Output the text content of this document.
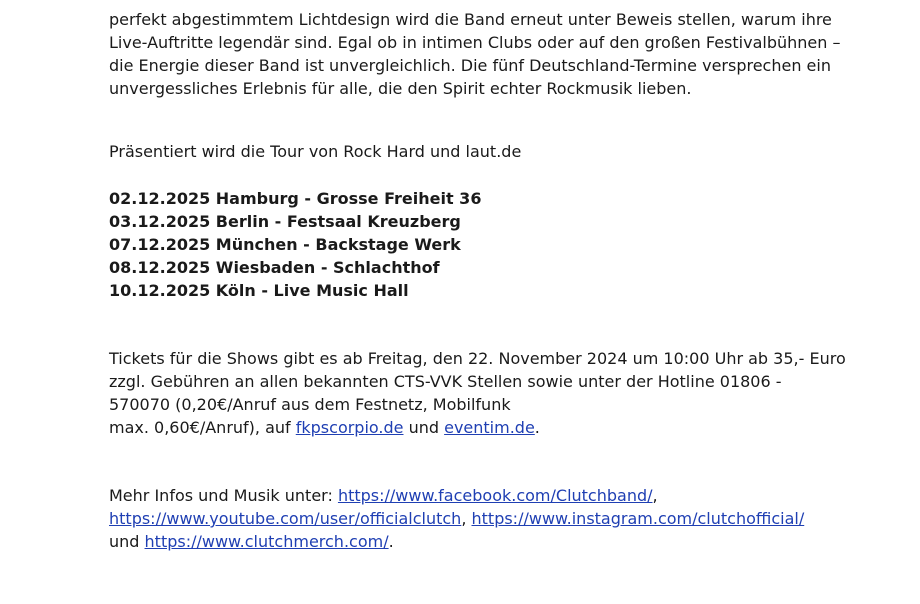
perfekt abgestimmtem Lichtdesign wird die Band erneut unter Beweis stellen, warum ihre
Live-Auftritte legendär sind. Egal ob in intimen Clubs oder auf den großen Festivalbühnen –
die Energie dieser Band ist unvergleichlich. Die fünf Deutschland-Termine versprechen ein
unvergessliches Erlebnis für alle, die den Spirit echter Rockmusik lieben.
Präsentiert wird die Tour von Rock Hard und laut.de
02.12.2025 Hamburg - Grosse Freiheit 36
03.12.2025 Berlin - Festsaal Kreuzberg
07.12.2025 München - Backstage Werk
08.12.2025 Wiesbaden - Schlachthof
10.12.2025 Köln - Live Music Hall
Tickets für die Shows gibt es ab Freitag, den 22. November 2024 um 10:00 Uhr ab 35,- Euro
zzgl. Gebühren an allen bekannten CTS-VVK Stellen sowie unter der Hotline 01806 -
570070 (0,20€/Anruf aus dem Festnetz, Mobilfunk
max. 0,60€/Anruf), auf fkpscorpio.de und eventim.de.
Mehr Infos und Musik unter: https://www.facebook.com/Clutchband/,
https://www.youtube.com/user/officialclutch, https://www.instagram.com/clutchofficial/
und https://www.clutchmerch.com/.
